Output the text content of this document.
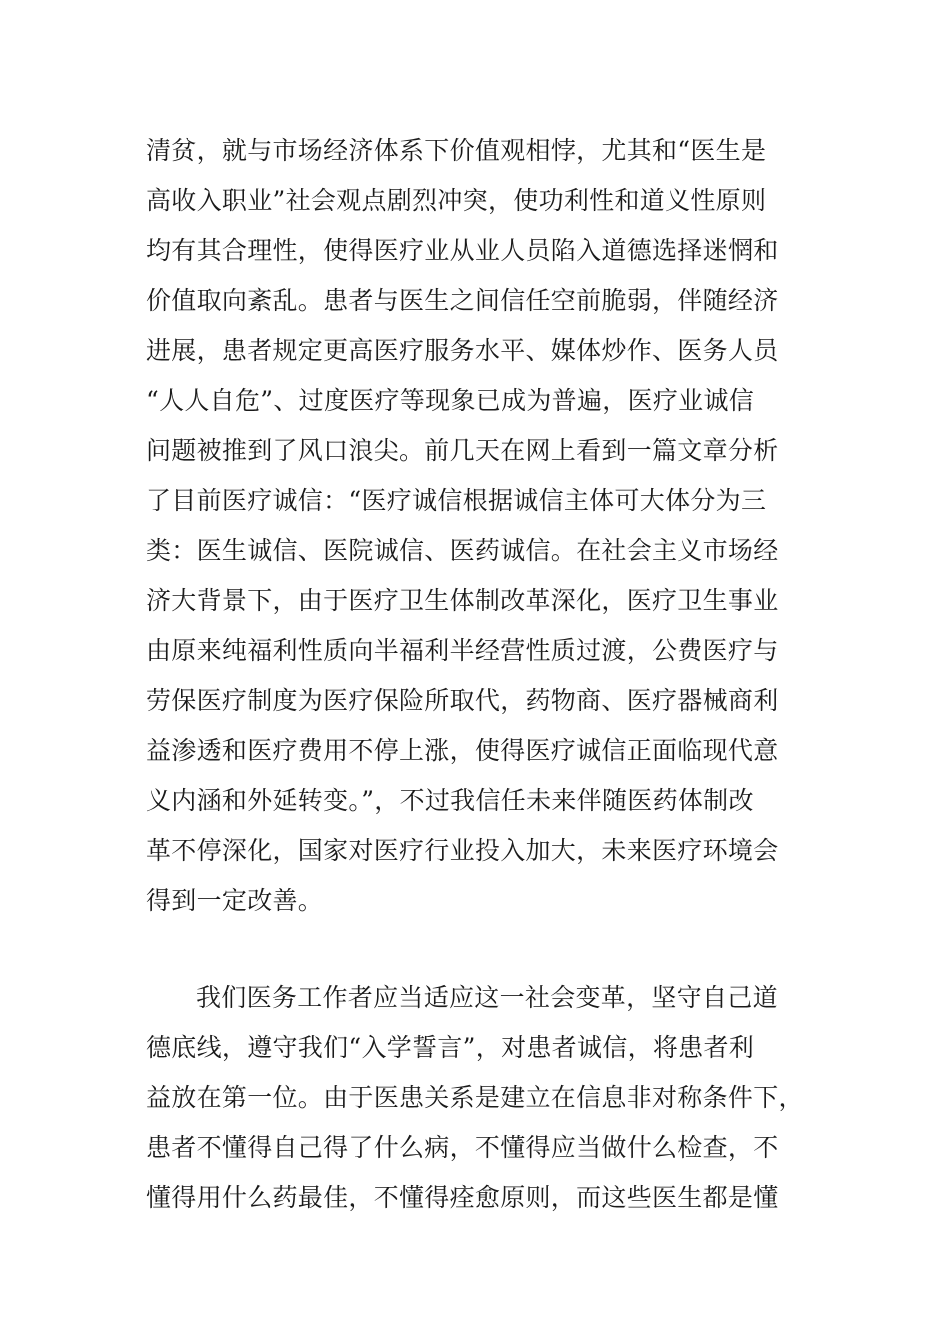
清贫，就与市场经济体系下价值观相悖，尤其和“医生是
高收入职业”社会观点剧烈冲突，使功利性和道义性原则
均有其合理性，使得医疗业从业人员陷入道德选择迷惘和
价值取向紊乱。患者与医生之间信任空前脆弱，伴随经济
进展，患者规定更高医疗服务水平、媒体炒作、医务人员
“人人自危”、过度医疗等现象已成为普遍，医疗业诚信
问题被推到了风口浪尖。前几天在网上看到一篇文章分析
了目前医疗诚信：“医疗诚信根据诚信主体可大体分为三
类：医生诚信、医院诚信、医药诚信。在社会主义市场经
济大背景下，由于医疗卫生体制改革深化，医疗卫生事业
由原来纯福利性质向半福利半经营性质过渡，公费医疗与
劳保医疗制度为医疗保险所取代，药物商、医疗器械商利
益渗透和医疗费用不停上涨，使得医疗诚信正面临现代意
义内涵和外延转变。”，不过我信任未来伴随医药体制改
革不停深化，国家对医疗行业投入加大，未来医疗环境会
得到一定改善。
我们医务工作者应当适应这一社会变革，坚守自己道
德底线，遵守我们“入学誓言”，对患者诚信，将患者利
益放在第一位。由于医患关系是建立在信息非对称条件下，
患者不懂得自己得了什么病，不懂得应当做什么检查，不
懂得用什么药最佳，不懂得痊愈原则，而这些医生都是懂
